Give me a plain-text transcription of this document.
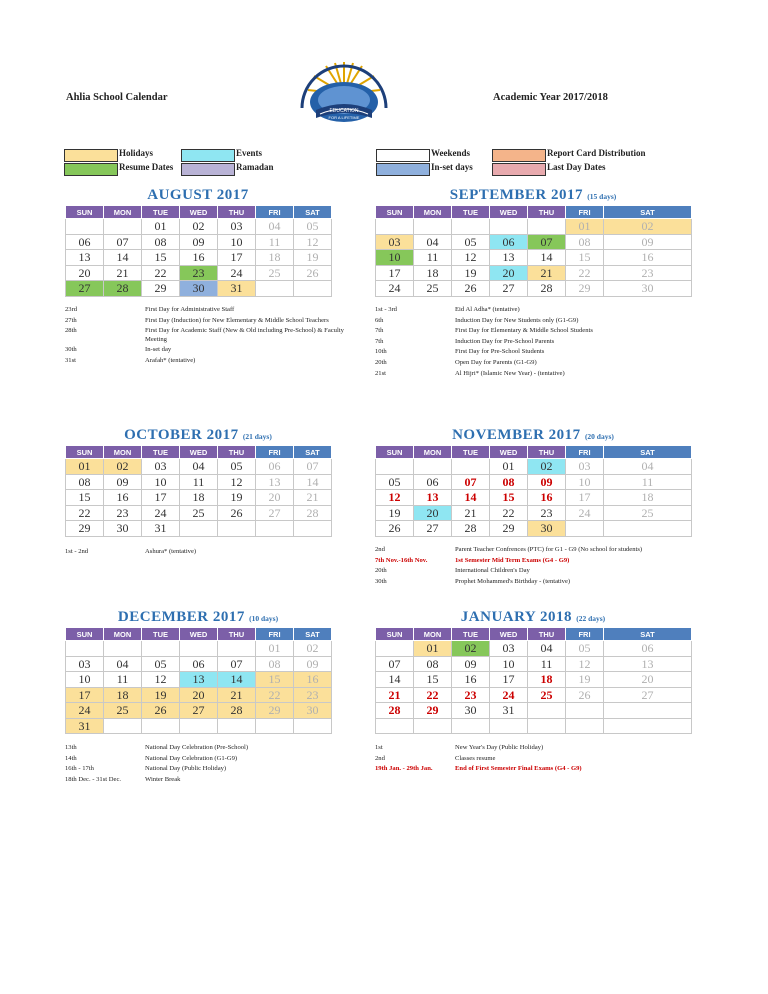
Ahlia School Calendar	Academic Year 2017/2018
EDUCATION
FOR A LIFETIME
Holidays
Resume Dates
Events
Ramadan
Weekends
In-set days
Report Card Distribution
Last Day Dates
AUGUST 2017
SUN	MON	TUE	WED	THU	FRI	SAT
		01	02	03	04	05
06	07	08	09	10	11	12
13	14	15	16	17	18	19
20	21	22	23	24	25	26
27	28	29	30	31		
23rd	First Day for Administrative Staff
27th	First Day (Induction) for New Elementary & Middle School Teachers
28th	First Day for Academic Staff (New & Old including Pre-School) & Faculty Meeting
30th	In-set day
31st	Arafah* (tentative)
SEPTEMBER 2017 (15 days)
SUN	MON	TUE	WED	THU	FRI	SAT
					01	02
03	04	05	06	07	08	09
10	11	12	13	14	15	16
17	18	19	20	21	22	23
24	25	26	27	28	29	30
1st - 3rd	Eid Al Adha* (tentative)
6th	Induction Day for New Students only (G1-G9)
7th	First Day for Elementary & Middle School Students
7th	Induction Day for Pre-School Parents
10th	First Day for Pre-School Students
20th	Open Day for Parents (G1-G9)
21st	Al Hijri* (Islamic New Year) - (tentative)
OCTOBER 2017 (21 days)
SUN	MON	TUE	WED	THU	FRI	SAT
01	02	03	04	05	06	07
08	09	10	11	12	13	14
15	16	17	18	19	20	21
22	23	24	25	26	27	28
29	30	31				
1st - 2nd	Ashura* (tentative)
NOVEMBER 2017 (20 days)
SUN	MON	TUE	WED	THU	FRI	SAT
			01	02	03	04
05	06	07	08	09	10	11
12	13	14	15	16	17	18
19	20	21	22	23	24	25
26	27	28	29	30		
2nd	Parent Teacher Confrences (PTC) for G1 - G9 (No school for students)
7th Nov.-16th Nov.	1st Semester Mid Term Exams (G4 - G9)
20th	International Children's Day
30th	Prophet Mohammed's Birthday - (tentative)
DECEMBER 2017 (10 days)
SUN	MON	TUE	WED	THU	FRI	SAT
					01	02
03	04	05	06	07	08	09
10	11	12	13	14	15	16
17	18	19	20	21	22	23
24	25	26	27	28	29	30
31						
13th	National Day Celebration (Pre-School)
14th	National Day Celebration (G1-G9)
16th - 17th	National Day (Public Holiday)
18th Dec. - 31st Dec.	Winter Break
JANUARY 2018 (22 days)
SUN	MON	TUE	WED	THU	FRI	SAT
	01	02	03	04	05	06
07	08	09	10	11	12	13
14	15	16	17	18	19	20
21	22	23	24	25	26	27
28	29	30	31			

1st	New Year's Day (Public Holiday)
2nd	Classes resume
19th Jan. - 29th Jan.	End of First Semester Final Exams (G4 - G9)
